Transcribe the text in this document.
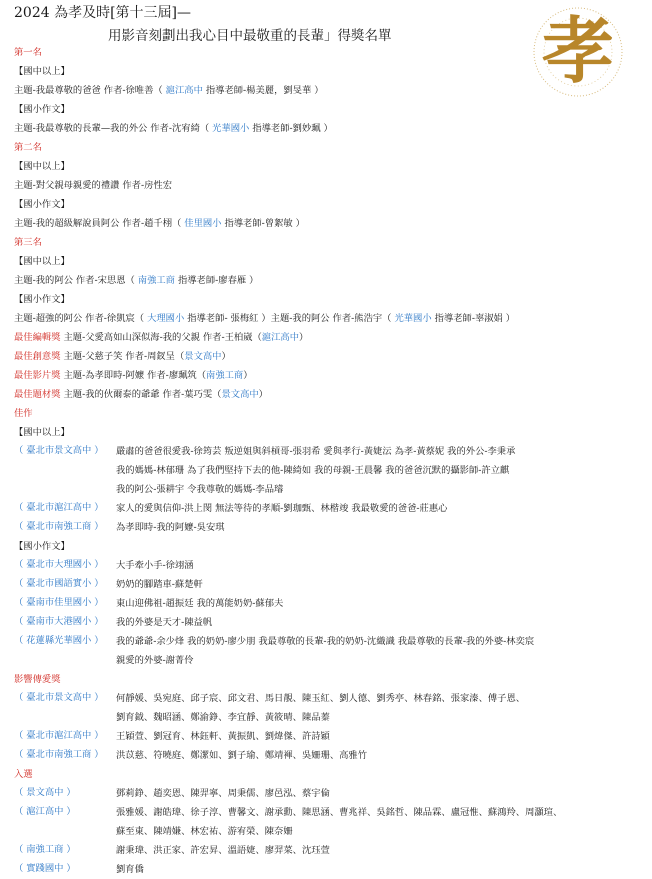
2024 為孝及時[第十三屆]—
用影音刻劃出我心目中最敬重的長輩」得獎名單 孝
第一名
【國中以上】
主題-我最尊敬的爸爸 作者-徐唯善（ 滬江高中 指導老師-楊美麗，劉旻華 ）
【國小作文】
主題-我最尊敬的長輩—我的外公 作者-沈宥綺（ 光華國小 指導老師-劉妙珮 ）
第二名
【國中以上】
主題-對父親母親愛的禮讚 作者-房性宏
【國小作文】
主題-我的超級解說員阿公 作者-趙千栩（ 佳里國小 指導老師-曾絮敏 ）
第三名
【國中以上】
主題-我的阿公 作者-宋思恩（ 南強工商 指導老師-廖春雁 ）
【國小作文】
主題-超強的阿公 作者-徐凱宸（ 大理國小 指導老師- 張梅紅 ）主題-我的阿公 作者-熊浩宇（ 光華國小 指導老師-辜淑娟 ）
最佳編輯獎 主題-父愛高如山深似海-我的父親 作者-王柏崴（滬江高中）
最佳創意獎 主題-父慈子笑 作者-周釵呈（景文高中）
最佳影片獎 主題-為孝即時-阿嬤 作者-廖珮筑（南強工商）
最佳題材獎 主題-我的伙爾泰的爺爺 作者-葉巧雯（景文高中）
佳作
【國中以上】
（ 臺北市景文高中 ）	嚴肅的爸爸很愛我-徐筠芸 叛逆姐與斜槓哥-張羽希 愛與孝行-黃婕沄 為孝-黃蔡妮 我的外公-李秉承
我的媽媽-林郁珊 為了我們堅持下去的他-陳綺如 我的母親-王晨馨 我的爸爸沉默的攝影師-許立麒
我的阿公-張耕宇 令我尊敬的媽媽-李品璿
（ 臺北市滬江高中 ）	家人的愛與信仰-洪上閔 無法等待的孝順-劉珈甄、林楷竣 我最敬愛的爸爸-莊惠心
（ 臺北市南強工商 ）	為孝即時-我的阿嬤-吳安琪
【國小作文】
（ 臺北市大理國小 ）	大手牽小手-徐翊涵
（ 臺北市國語實小 ）	奶奶的腳踏車-蘇楚軒
（ 臺南市佳里國小 ）	東山迎佛祖-趙振廷 我的萬能奶奶-蘇郁夫
（ 臺南市大港國小 ）	我的外婆是天才-陳益帆
（ 花蓮縣光華國小 ）	我的爺爺-余少烽 我的奶奶-廖少朋 我最尊敬的長輩-我的奶奶-沈織識 我最尊敬的長輩-我的外婆-林奕宸
親愛的外婆-謝菁伶
影響傳愛獎
（ 臺北市景文高中 ）	何靜媛、吳宛庭、邱子宸、邱文君、馬日靚、陳玉紅、劉人德、劉秀亭、林春銘、張家溱、傅子恩、
劉育鉞、魏昭涵、鄭渝錚、李宜靜、黃筱晴、陳品蓁
（ 臺北市滬江高中 ）	王穎萱、劉冠育、林鈺軒、黃振凱、劉煒傑、許詩穎
（ 臺北市南強工商 ）	洪苡慈、符曉庭、鄭潔如、劉子瑜、鄭靖褌、吳姍珊、高雅竹
入選
（ 景文高中 ）	鄧莉錚、趙奕恩、陳羿寧、周秉儒、廖邑泓、蔡宇倫
（ 滬江高中 ）	張雅媛、謝皓瑋、徐子淳、曹馨文、謝承勳、陳思涵、曹兆祥、吳銘哲、陳品霖、盧冠惟、蘇鴻羚、周灝瑄、
蘇至東、陳靖嫌、林宏祐、游宥榮、陳奈姍
（ 南強工商 ）	謝秉瑋、洪正家、許宏昇、溫語婕、廖羿菜、沈珏萱
（ 實踐國中 ）	劉育僑
